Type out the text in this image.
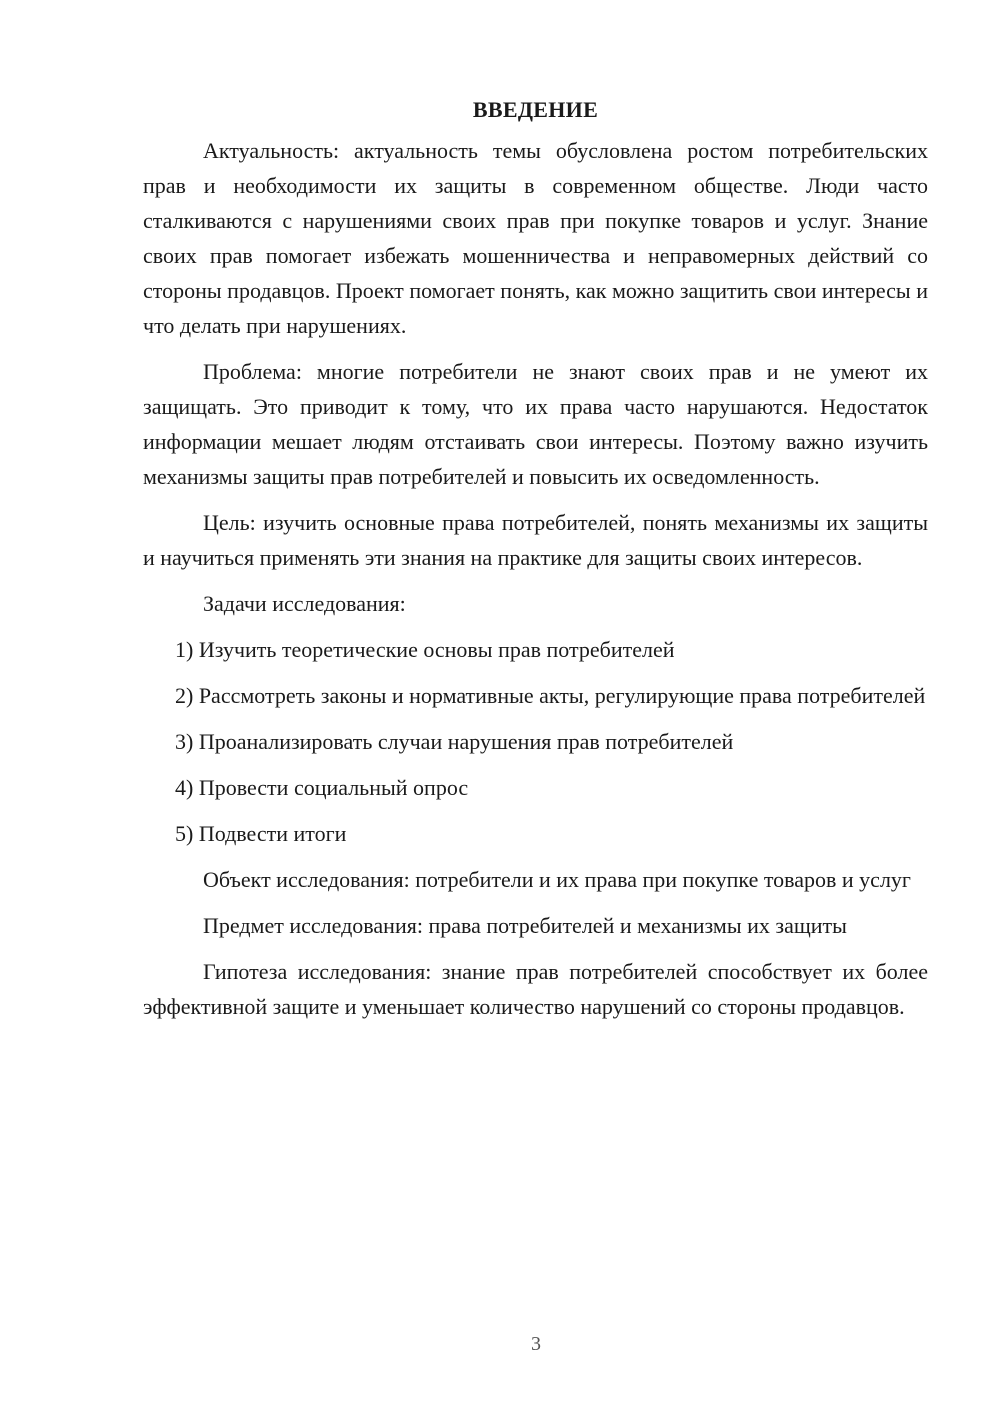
ВВЕДЕНИЕ

Актуальность: актуальность темы обусловлена ростом потребительских прав и необходимости их защиты в современном обществе. Люди часто сталкиваются с нарушениями своих прав при покупке товаров и услуг. Знание своих прав помогает избежать мошенничества и неправомерных действий со стороны продавцов. Проект помогает понять, как можно защитить свои интересы и что делать при нарушениях.

Проблема: многие потребители не знают своих прав и не умеют их защищать. Это приводит к тому, что их права часто нарушаются. Недостаток информации мешает людям отстаивать свои интересы. Поэтому важно изучить механизмы защиты прав потребителей и повысить их осведомленность.

Цель: изучить основные права потребителей, понять механизмы их защиты и научиться применять эти знания на практике для защиты своих интересов.

Задачи исследования:

1) Изучить теоретические основы прав потребителей

2) Рассмотреть законы и нормативные акты, регулирующие права потребителей

3) Проанализировать случаи нарушения прав потребителей

4) Провести социальный опрос

5) Подвести итоги

Объект исследования: потребители и их права при покупке товаров и услуг

Предмет исследования: права потребителей и механизмы их защиты

Гипотеза исследования: знание прав потребителей способствует их более эффективной защите и уменьшает количество нарушений со стороны продавцов.

3
